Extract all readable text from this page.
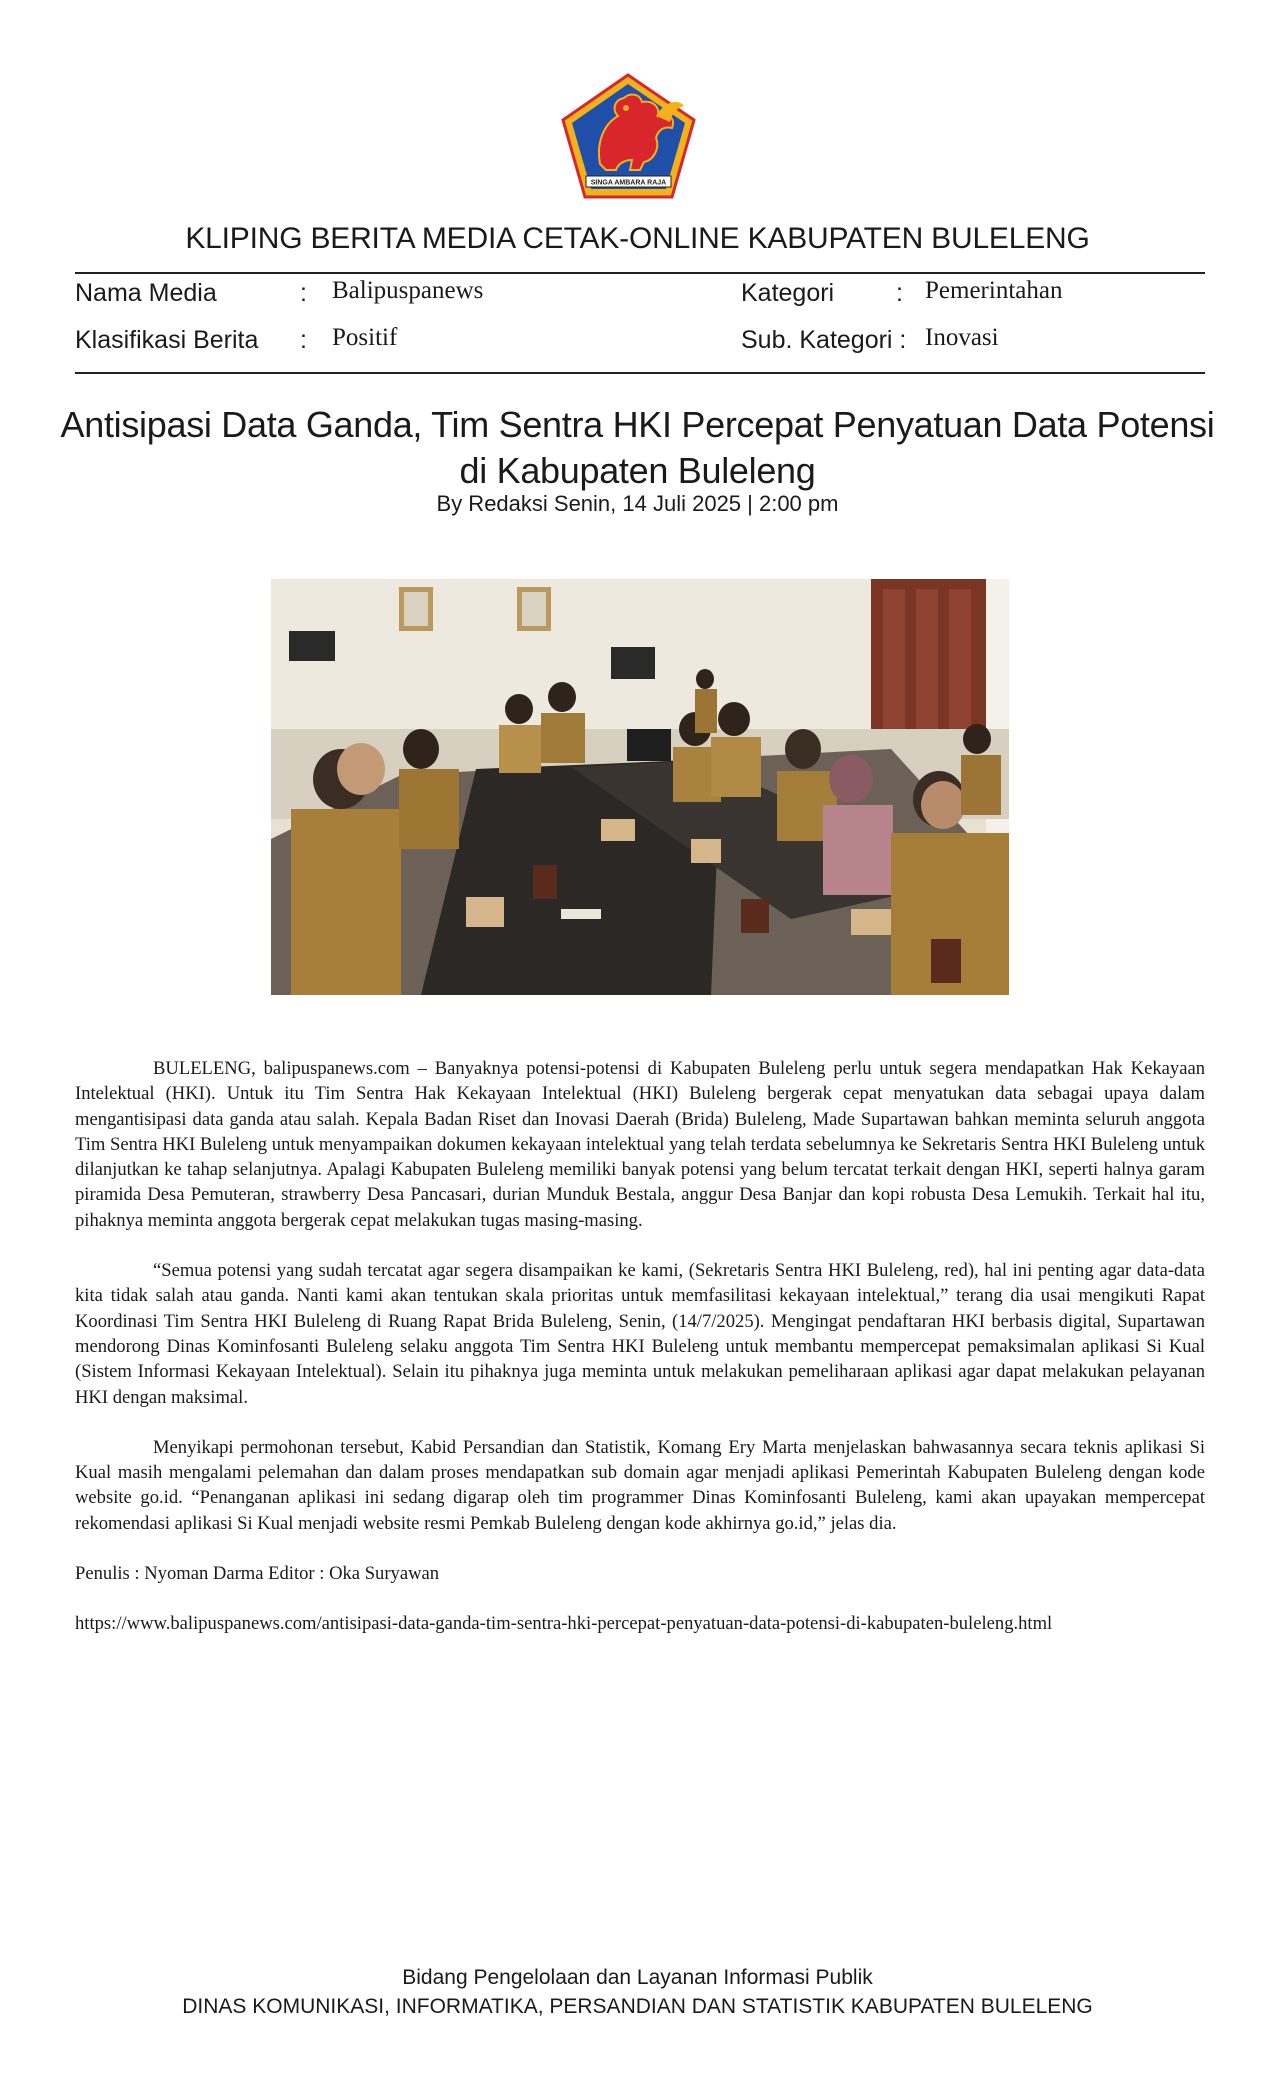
SINGA AMBARA RAJA
KLIPING BERITA MEDIA CETAK-ONLINE KABUPATEN BULELENG
Nama Media	: Balipuspanews	Kategori : Pemerintahan
Klasifikasi Berita : Positif	Sub. Kategori : Inovasi
Antisipasi Data Ganda, Tim Sentra HKI Percepat Penyatuan Data Potensi
di Kabupaten Buleleng
By Redaksi Senin, 14 Juli 2025 | 2:00 pm

BULELENG, balipuspanews.com – Banyaknya potensi-potensi di Kabupaten Buleleng perlu untuk segera mendapatkan Hak Kekayaan Intelektual (HKI). Untuk itu Tim Sentra Hak Kekayaan Intelektual (HKI) Buleleng bergerak cepat menyatukan data sebagai upaya dalam mengantisipasi data ganda atau salah. Kepala Badan Riset dan Inovasi Daerah (Brida) Buleleng, Made Supartawan bahkan meminta seluruh anggota Tim Sentra HKI Buleleng untuk menyampaikan dokumen kekayaan intelektual yang telah terdata sebelumnya ke Sekretaris Sentra HKI Buleleng untuk dilanjutkan ke tahap selanjutnya. Apalagi Kabupaten Buleleng memiliki banyak potensi yang belum tercatat terkait dengan HKI, seperti halnya garam piramida Desa Pemuteran, strawberry Desa Pancasari, durian Munduk Bestala, anggur Desa Banjar dan kopi robusta Desa Lemukih. Terkait hal itu, pihaknya meminta anggota bergerak cepat melakukan tugas masing-masing.

“Semua potensi yang sudah tercatat agar segera disampaikan ke kami, (Sekretaris Sentra HKI Buleleng, red), hal ini penting agar data-data kita tidak salah atau ganda. Nanti kami akan tentukan skala prioritas untuk memfasilitasi kekayaan intelektual,” terang dia usai mengikuti Rapat Koordinasi Tim Sentra HKI Buleleng di Ruang Rapat Brida Buleleng, Senin, (14/7/2025). Mengingat pendaftaran HKI berbasis digital, Supartawan mendorong Dinas Kominfosanti Buleleng selaku anggota Tim Sentra HKI Buleleng untuk membantu mempercepat pemaksimalan aplikasi Si Kual (Sistem Informasi Kekayaan Intelektual). Selain itu pihaknya juga meminta untuk melakukan pemeliharaan aplikasi agar dapat melakukan pelayanan HKI dengan maksimal.

Menyikapi permohonan tersebut, Kabid Persandian dan Statistik, Komang Ery Marta menjelaskan bahwasannya secara teknis aplikasi Si Kual masih mengalami pelemahan dan dalam proses mendapatkan sub domain agar menjadi aplikasi Pemerintah Kabupaten Buleleng dengan kode website go.id. “Penanganan aplikasi ini sedang digarap oleh tim programmer Dinas Kominfosanti Buleleng, kami akan upayakan mempercepat rekomendasi aplikasi Si Kual menjadi website resmi Pemkab Buleleng dengan kode akhirnya go.id,” jelas dia.

Penulis : Nyoman Darma Editor : Oka Suryawan

https://www.balipuspanews.com/antisipasi-data-ganda-tim-sentra-hki-percepat-penyatuan-data-potensi-di-kabupaten-buleleng.html

Bidang Pengelolaan dan Layanan Informasi Publik
DINAS KOMUNIKASI, INFORMATIKA, PERSANDIAN DAN STATISTIK KABUPATEN BULELENG
